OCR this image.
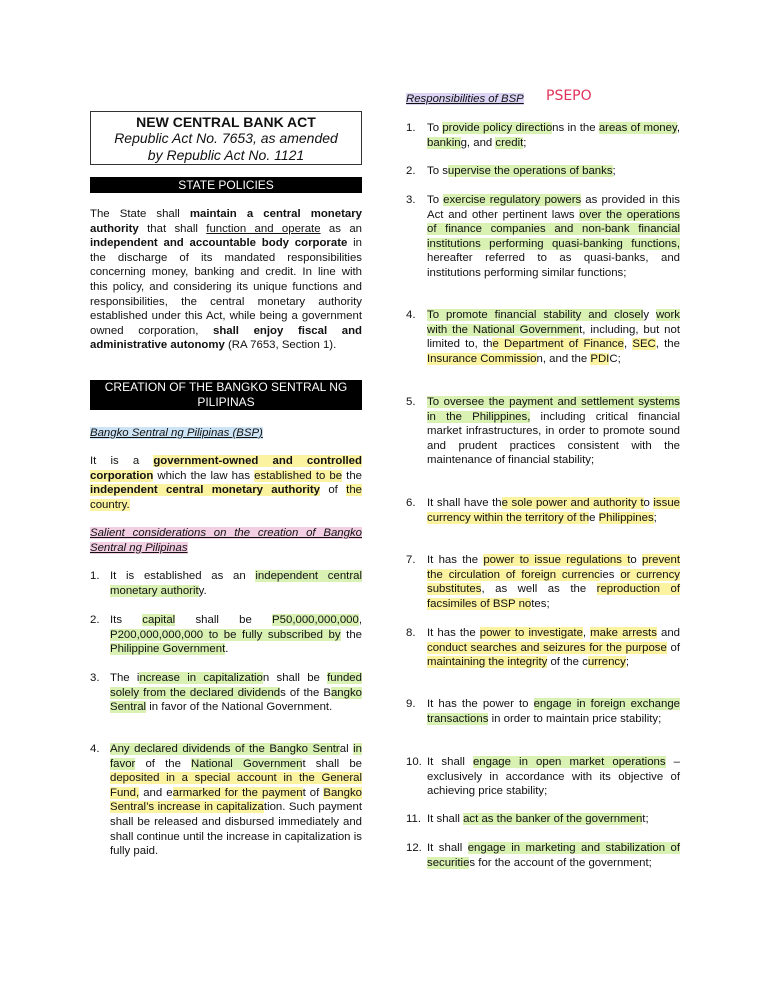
NEW CENTRAL BANK ACT
Republic Act No. 7653, as amended
by Republic Act No. 1121
STATE POLICIES
The State shall maintain a central monetary authority that shall function and operate as an independent and accountable body corporate in the discharge of its mandated responsibilities concerning money, banking and credit. In line with this policy, and considering its unique functions and responsibilities, the central monetary authority established under this Act, while being a government owned corporation, shall enjoy fiscal and administrative autonomy (RA 7653, Section 1).
CREATION OF THE BANGKO SENTRAL NG
PILIPINAS
Bangko Sentral ng Pilipinas (BSP)
It is a government-owned and controlled corporation which the law has established to be the independent central monetary authority of the country.
Salient considerations on the creation of Bangko Sentral ng Pilipinas
1. It is established as an independent central monetary authority.
2. Its capital shall be P50,000,000,000, P200,000,000,000 to be fully subscribed by the Philippine Government.
3. The increase in capitalization shall be funded solely from the declared dividends of the Bangko Sentral in favor of the National Government.
4. Any declared dividends of the Bangko Sentral in favor of the National Government shall be deposited in a special account in the General Fund, and earmarked for the payment of Bangko Sentral’s increase in capitalization. Such payment shall be released and disbursed immediately and shall continue until the increase in capitalization is fully paid.
Responsibilities of BSP	PSEPO
1. To provide policy directions in the areas of money, banking, and credit;
2. To supervise the operations of banks;
3. To exercise regulatory powers as provided in this Act and other pertinent laws over the operations of finance companies and non-bank financial institutions performing quasi-banking functions, hereafter referred to as quasi-banks, and institutions performing similar functions;
4. To promote financial stability and closely work with the National Government, including, but not limited to, the Department of Finance, SEC, the Insurance Commission, and the PDIC;
5. To oversee the payment and settlement systems in the Philippines, including critical financial market infrastructures, in order to promote sound and prudent practices consistent with the maintenance of financial stability;
6. It shall have the sole power and authority to issue currency within the territory of the Philippines;
7. It has the power to issue regulations to prevent the circulation of foreign currencies or currency substitutes, as well as the reproduction of facsimiles of BSP notes;
8. It has the power to investigate, make arrests and conduct searches and seizures for the purpose of maintaining the integrity of the currency;
9. It has the power to engage in foreign exchange transactions in order to maintain price stability;
10. It shall engage in open market operations – exclusively in accordance with its objective of achieving price stability;
11. It shall act as the banker of the government;
12. It shall engage in marketing and stabilization of securities for the account of the government;
